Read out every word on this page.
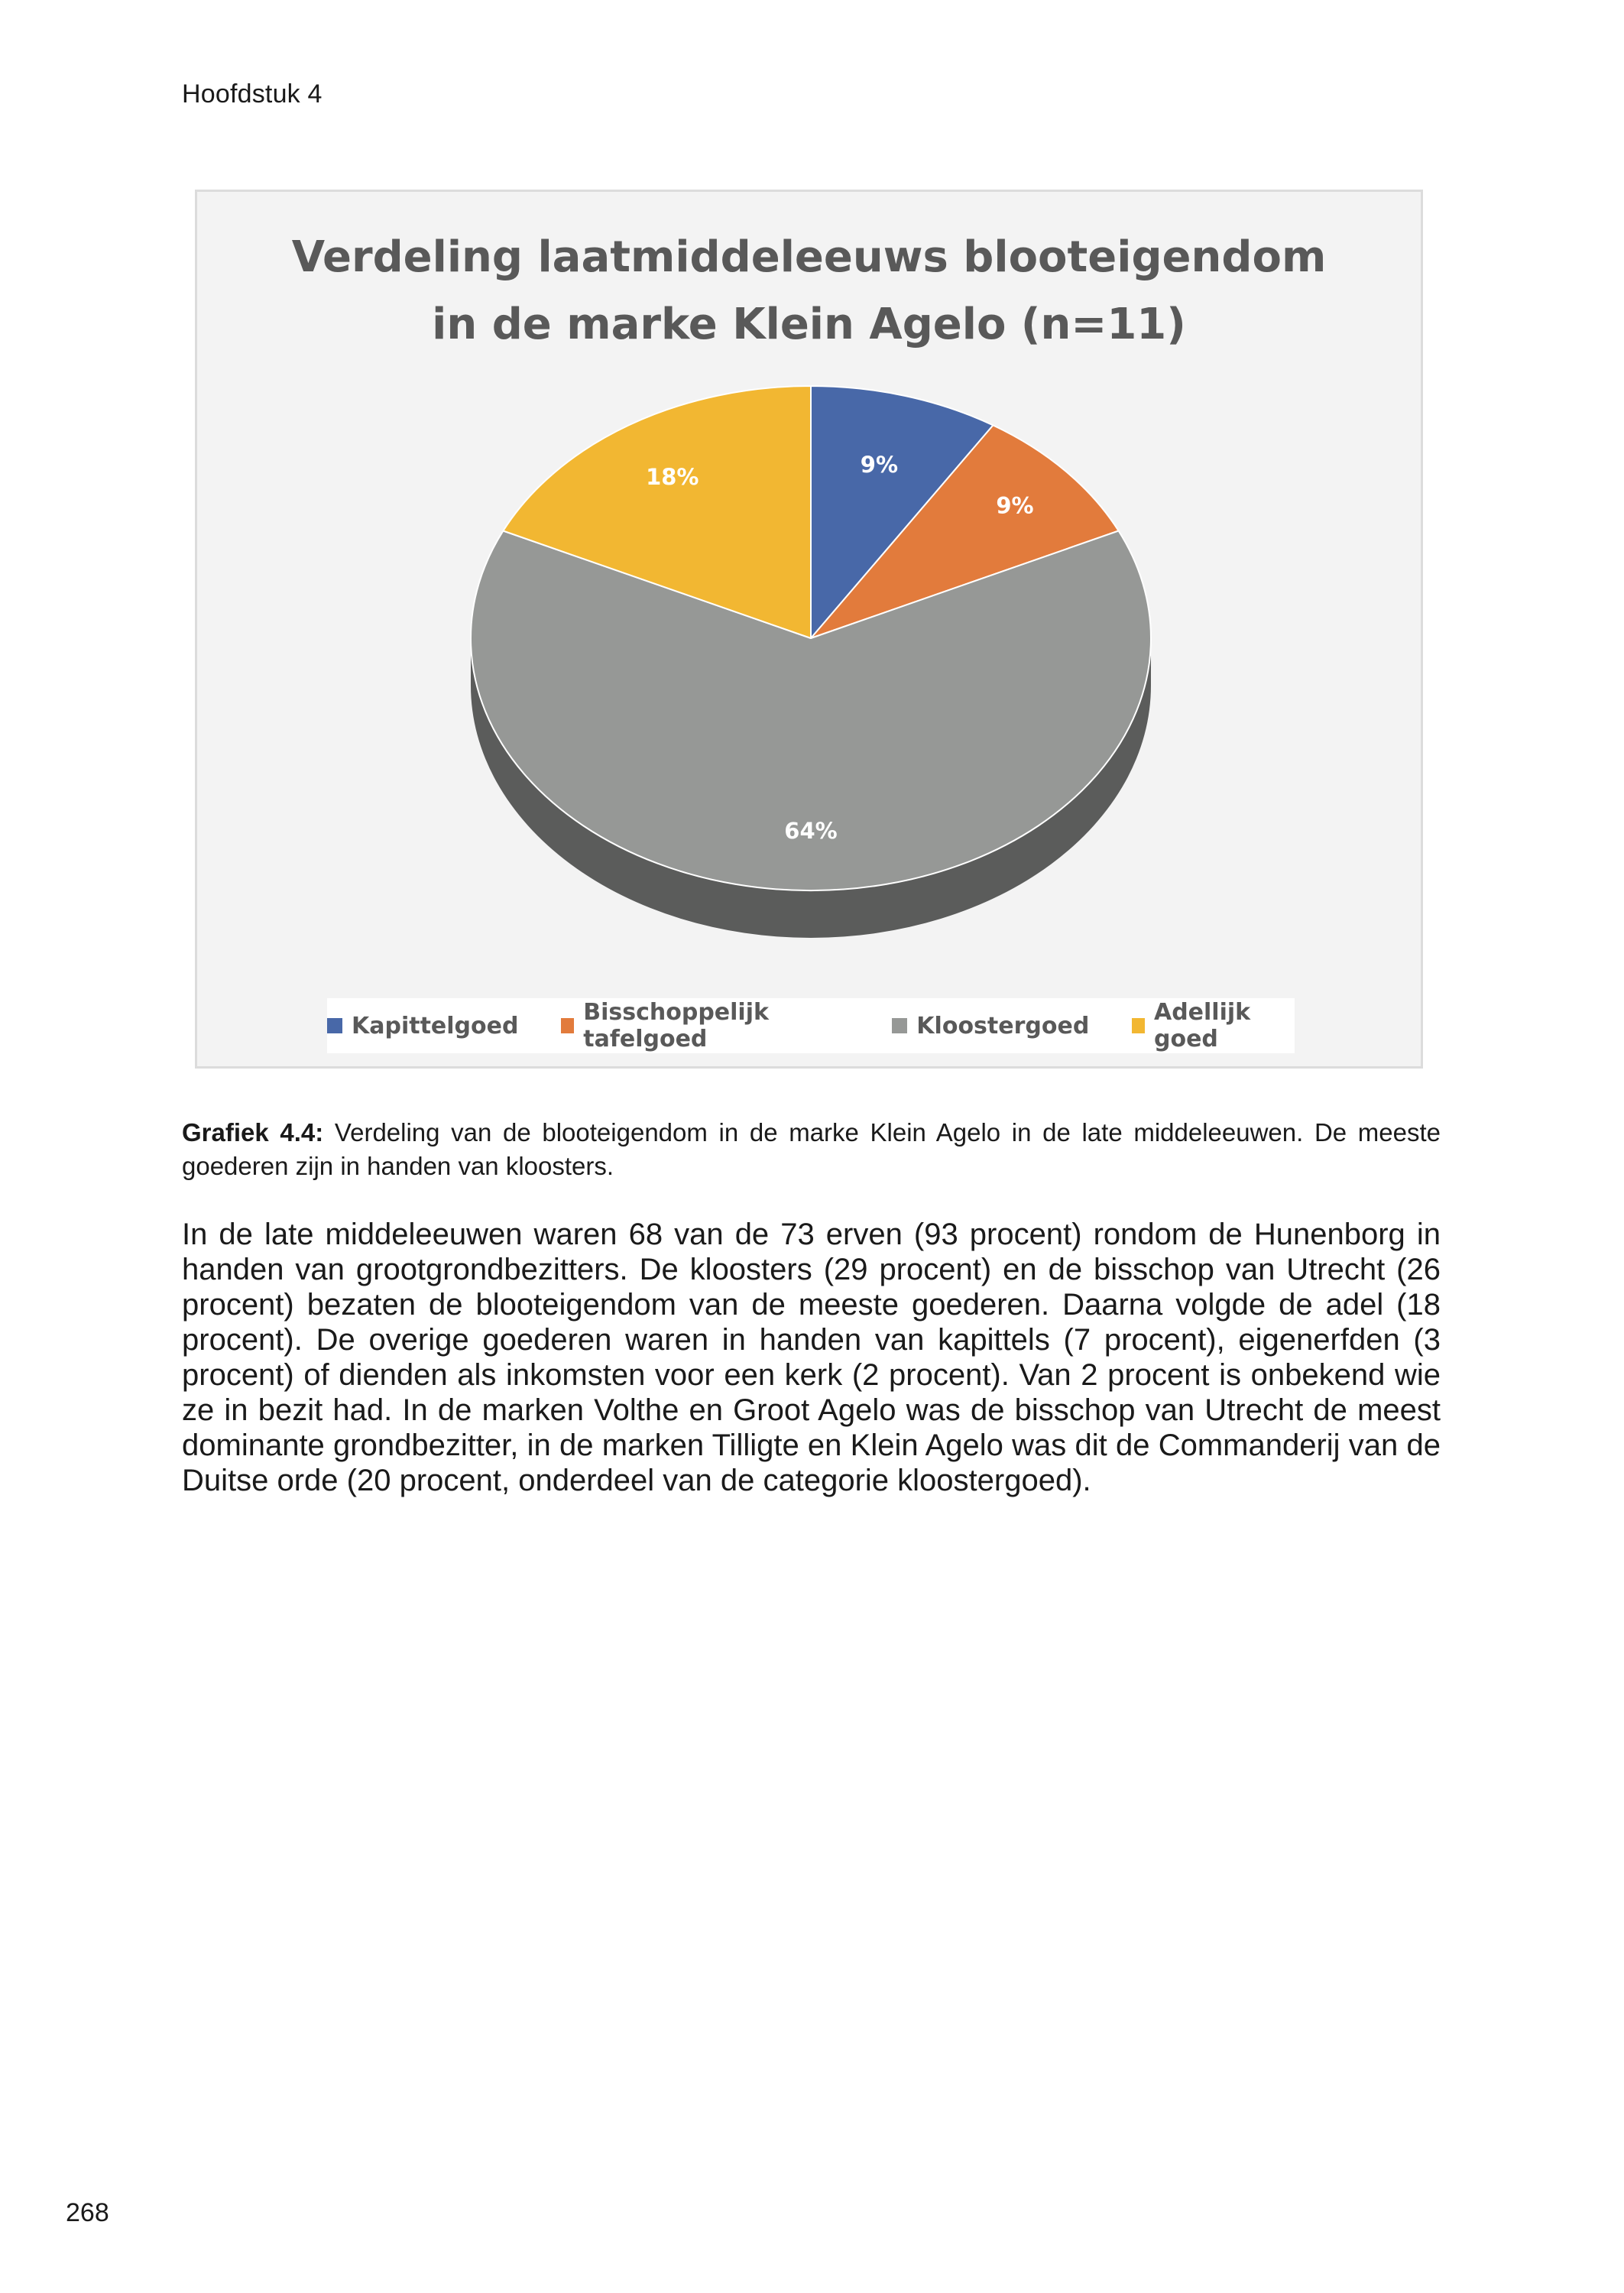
Hoofdstuk 4
Verdeling laatmiddeleeuws blooteigendom
in de marke Klein Agelo (n=11)
9%
9%
64%
18%
Kapittelgoed	Bisschoppelijk tafelgoed	Kloostergoed	Adellijk goed
Grafiek 4.4: Verdeling van de blooteigendom in de marke Klein Agelo in de late middeleeuwen. De meeste goederen zijn in handen van kloosters.
In de late middeleeuwen waren 68 van de 73 erven (93 procent) rondom de Hunenborg in handen van grootgrondbezitters. De kloosters (29 procent) en de bisschop van Utrecht (26 procent) bezaten de blooteigendom van de meeste goederen. Daarna volgde de adel (18 procent). De overige goederen waren in handen van kapittels (7 procent), eigenerfden (3 procent) of dienden als inkomsten voor een kerk (2 procent). Van 2 procent is onbekend wie ze in bezit had. In de marken Volthe en Groot Agelo was de bisschop van Utrecht de meest dominante grondbezitter, in de marken Tilligte en Klein Agelo was dit de Commanderij van de Duitse orde (20 procent, onderdeel van de categorie kloostergoed).
268
